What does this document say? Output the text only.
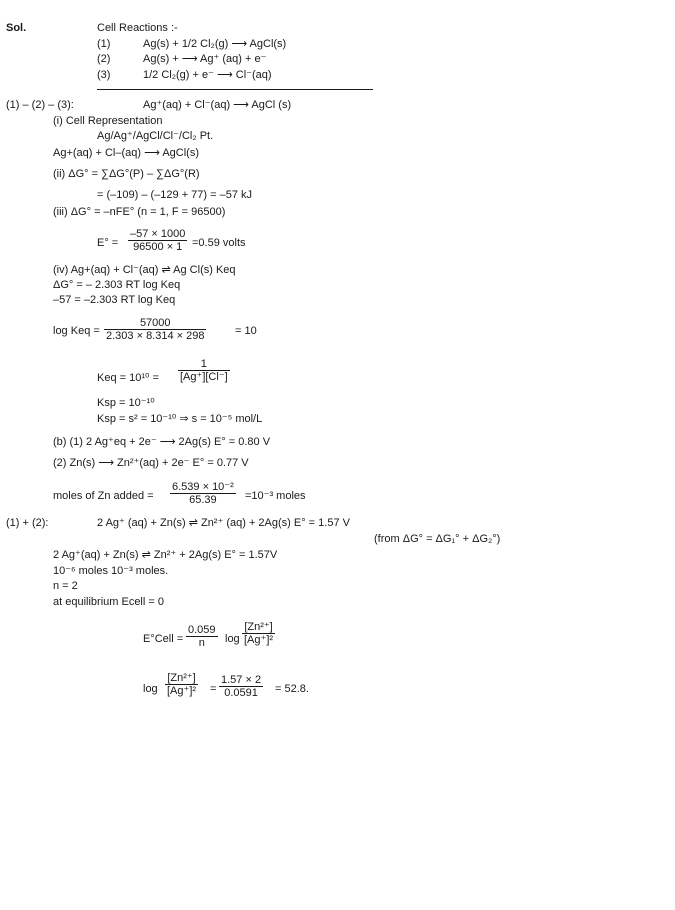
Sol.	Cell Reactions :-
(1)	Ag(s) + 1/2 Cl₂(g) ⟶ AgCl(s)
(2)	Ag(s) + ⟶ Ag⁺ (aq) + e⁻
(3)	1/2 Cl₂(g) + e⁻ ⟶ Cl⁻(aq)
(1) – (2) – (3):	Ag⁺(aq) + Cl⁻(aq) ⟶ AgCl (s)
(i) Cell Representation
Ag/Ag⁺/AgCl/Cl⁻/Cl₂ Pt.
Ag+(aq) + Cl–(aq) ⟶ AgCl(s)
(ii) ΔG° = ∑ΔG°(P) – ∑ΔG°(R)
= (–109) – (–129 + 77) = –57 kJ
(iii) ΔG° = –nFE° (n = 1, F = 96500)
$E^\circ = \frac{-57 \times 1000}{96500 \times 1} =0.59$ volts
(iv) Ag+(aq) + Cl⁻(aq) ⇌ Ag Cl(s) Keq
ΔG° = – 2.303 RT log Keq
–57 = –2.303 RT log Keq
log Keq = $\frac{57000}{2.303 \times 8.314 \times 298}$	= 10
Keq = $10^{10} = \frac{1}{[Ag^+][Cl^-]}$
Ksp = 10⁻¹⁰
Ksp = s² = 10⁻¹⁰ ⇒ s = 10⁻⁵ mol/L
(b) (1) 2 Ag⁺eq + 2e⁻ ⟶ 2Ag(s) E° = 0.80 V
(2) Zn(s) ⟶ Zn²⁺(aq) + 2e⁻ E° = 0.77 V
moles of Zn added = $\frac{\text{6.539 × 10⁻²}}{65.39} =10^{-3}$ moles
(1) + (2):	2 Ag⁺ (aq) + Zn(s) ⇌ Zn²⁺ (aq) + 2Ag(s) E° = 1.57 V
(from ΔG° = ΔG₁° + ΔG₂°)
2 Ag⁺(aq) + Zn(s) ⇌ Zn²⁺ + 2Ag(s) E° = 1.57V
10⁻⁶ moles 10⁻³ moles.
n = 2
at equilibrium Ecell = 0
E°Cell = $\frac{0.059}{n}$ $\log \frac{\text{[Zn²⁺]}}{\text{[Ag⁺]²}}$
$\log \frac{\text{[Zn²⁺]}}{\text{[Ag⁺]²}} = \frac{1.57 \times 2}{0.0591} = 52.8$.
